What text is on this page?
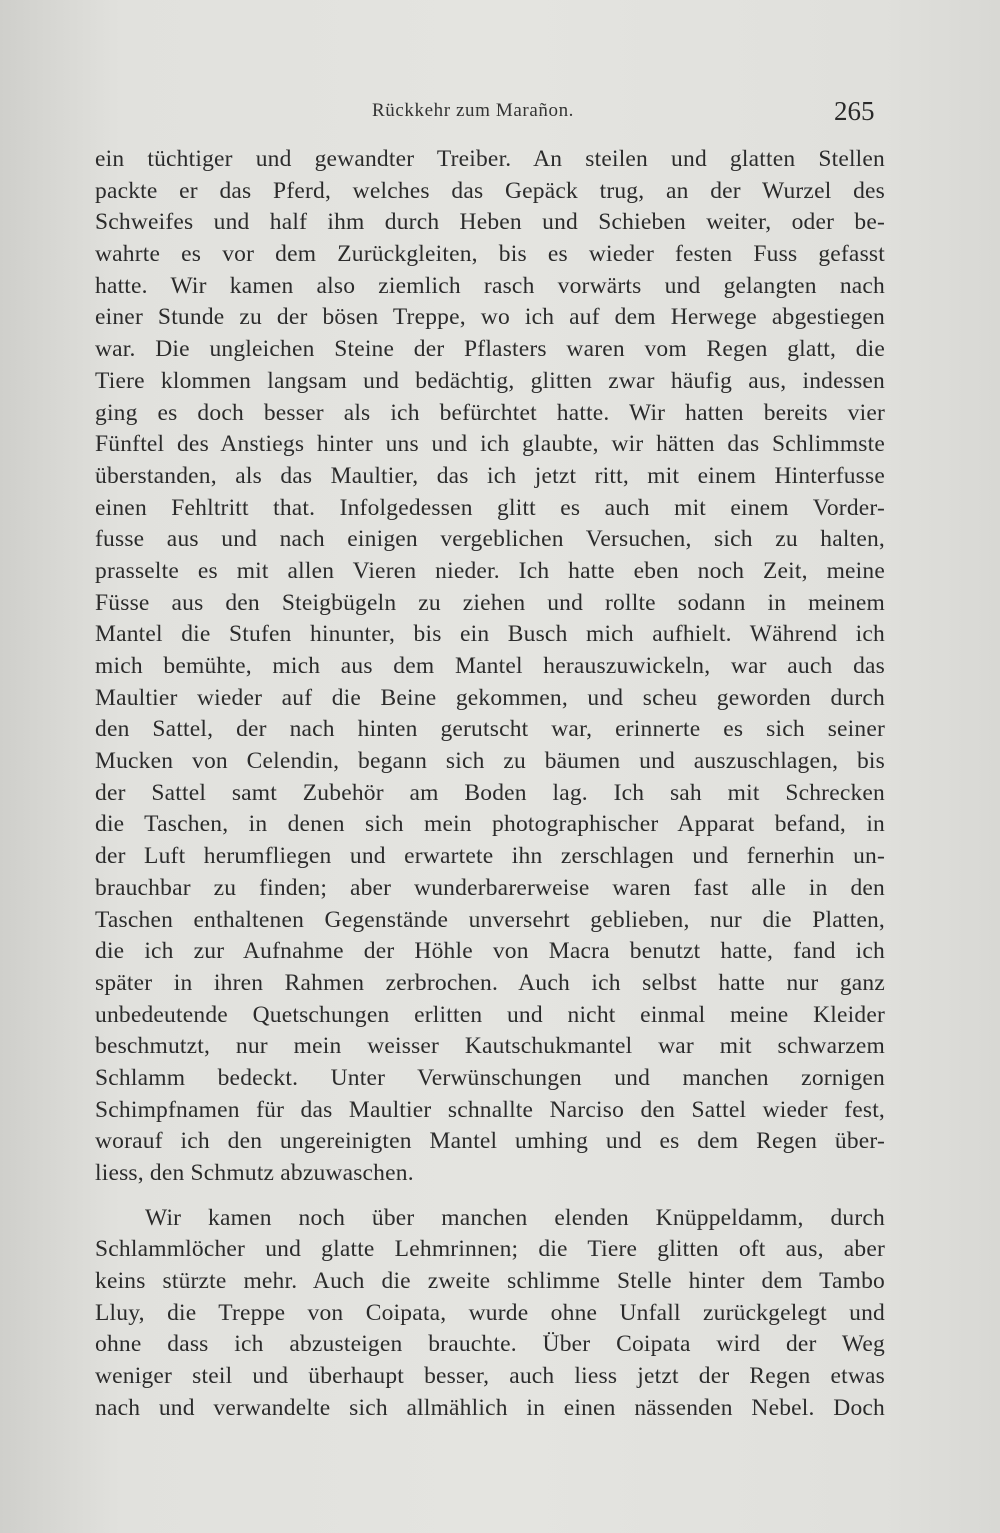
Rückkehr zum Marañon.	265
ein tüchtiger und gewandter Treiber. An steilen und glatten Stellen
packte er das Pferd, welches das Gepäck trug, an der Wurzel des
Schweifes und half ihm durch Heben und Schieben weiter, oder be-
wahrte es vor dem Zurückgleiten, bis es wieder festen Fuss gefasst
hatte. Wir kamen also ziemlich rasch vorwärts und gelangten nach
einer Stunde zu der bösen Treppe, wo ich auf dem Herwege abgestiegen
war. Die ungleichen Steine der Pflasters waren vom Regen glatt, die
Tiere klommen langsam und bedächtig, glitten zwar häufig aus, indessen
ging es doch besser als ich befürchtet hatte. Wir hatten bereits vier
Fünftel des Anstiegs hinter uns und ich glaubte, wir hätten das Schlimmste
überstanden, als das Maultier, das ich jetzt ritt, mit einem Hinterfusse
einen Fehltritt that. Infolgedessen glitt es auch mit einem Vorder-
fusse aus und nach einigen vergeblichen Versuchen, sich zu halten,
prasselte es mit allen Vieren nieder. Ich hatte eben noch Zeit, meine
Füsse aus den Steigbügeln zu ziehen und rollte sodann in meinem
Mantel die Stufen hinunter, bis ein Busch mich aufhielt. Während ich
mich bemühte, mich aus dem Mantel herauszuwickeln, war auch das
Maultier wieder auf die Beine gekommen, und scheu geworden durch
den Sattel, der nach hinten gerutscht war, erinnerte es sich seiner
Mucken von Celendin, begann sich zu bäumen und auszuschlagen, bis
der Sattel samt Zubehör am Boden lag. Ich sah mit Schrecken
die Taschen, in denen sich mein photographischer Apparat befand, in
der Luft herumfliegen und erwartete ihn zerschlagen und fernerhin un-
brauchbar zu finden; aber wunderbarerweise waren fast alle in den
Taschen enthaltenen Gegenstände unversehrt geblieben, nur die Platten,
die ich zur Aufnahme der Höhle von Macra benutzt hatte, fand ich
später in ihren Rahmen zerbrochen. Auch ich selbst hatte nur ganz
unbedeutende Quetschungen erlitten und nicht einmal meine Kleider
beschmutzt, nur mein weisser Kautschukmantel war mit schwarzem
Schlamm bedeckt. Unter Verwünschungen und manchen zornigen
Schimpfnamen für das Maultier schnallte Narciso den Sattel wieder fest,
worauf ich den ungereinigten Mantel umhing und es dem Regen über-
liess, den Schmutz abzuwaschen.
Wir kamen noch über manchen elenden Knüppeldamm, durch
Schlammlöcher und glatte Lehmrinnen; die Tiere glitten oft aus, aber
keins stürzte mehr. Auch die zweite schlimme Stelle hinter dem Tambo
Lluy, die Treppe von Coipata, wurde ohne Unfall zurückgelegt und
ohne dass ich abzusteigen brauchte. Über Coipata wird der Weg
weniger steil und überhaupt besser, auch liess jetzt der Regen etwas
nach und verwandelte sich allmählich in einen nässenden Nebel. Doch
